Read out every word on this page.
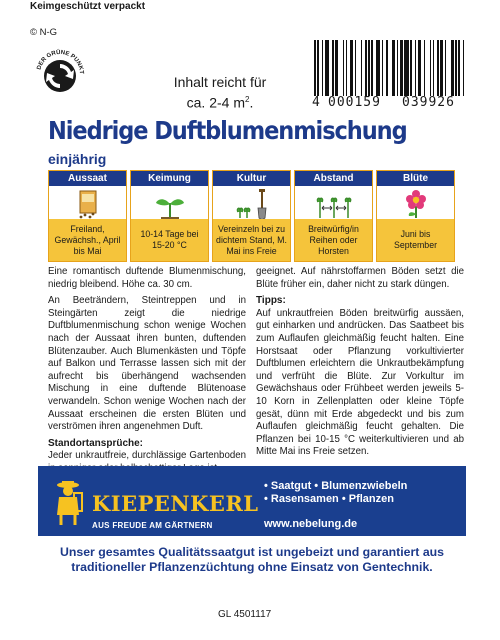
Keimgeschützt verpackt
© N-G
DER GRÜNE PUNKT
Inhalt reicht für
ca. 2-4 $m^2$.	4 000159 039926
Niedrige Duftblumenmischung
einjährig
Aussaat
Freiland, Gewächsh., April bis Mai
Keimung
10-14 Tage bei 15-20 °C
Kultur
Vereinzeln bei zu dichtem Stand, M. Mai ins Freie
Abstand
Breitwürfig/in Reihen oder Horsten
Blüte
Juni bis September

Eine romantisch duftende Blumenmischung, niedrig bleibend. Höhe ca. 30 cm.

An Beeträndern, Steintreppen und in Steingärten zeigt die niedrige Duftblumenmischung schon wenige Wochen nach der Aussaat ihren bunten, duftenden Blütenzauber. Auch Blumenkästen und Töpfe auf Balkon und Terrasse lassen sich mit der aufrecht bis überhängend wachsenden Mischung in eine duftende Blütenoase verwandeln. Schon wenige Wochen nach der Aussaat erscheinen die ersten Blüten und verströmen ihren angenehmen Duft.

Standortansprüche:

Jeder unkrautfreie, durchlässige Gartenboden

geeignet. Auf nährstoffarmen Böden setzt die Blüte früher ein, daher nicht zu stark düngen.

Tipps:

Auf unkrautfreien Böden breitwürfig aussäen, gut einharken und andrücken. Das Saatbeet bis zum Auflaufen gleichmäßig feucht halten. Eine Horstsaat oder Pflanzung vorkultivierter Duftblumen erleichtern die Unkrautbekämpfung und verfrüht die Blüte. Zur Vorkultur im Gewächshaus oder Frühbeet werden jeweils 5-10 Korn in Zellenplatten oder kleine Töpfe gesät, dünn mit Erde abgedeckt und bis zum Auflaufen gleichmäßig feucht gehalten. Die Pflanzen bei 10-15 °C weiterkultivieren und ab Mitte Mai ins Freie setzen.

KIEPENKERL
AUS FREUDE AM GÄRTNERN
• Saatgut • Blumenzwiebeln
• Rasensamen • Pflanzen
www.nebelung.de
Unser gesamtes Qualitätssaatgut ist ungebeizt und garantiert aus traditioneller Pflanzenzüchtung ohne Einsatz von Gentechnik.
GL 4501117
